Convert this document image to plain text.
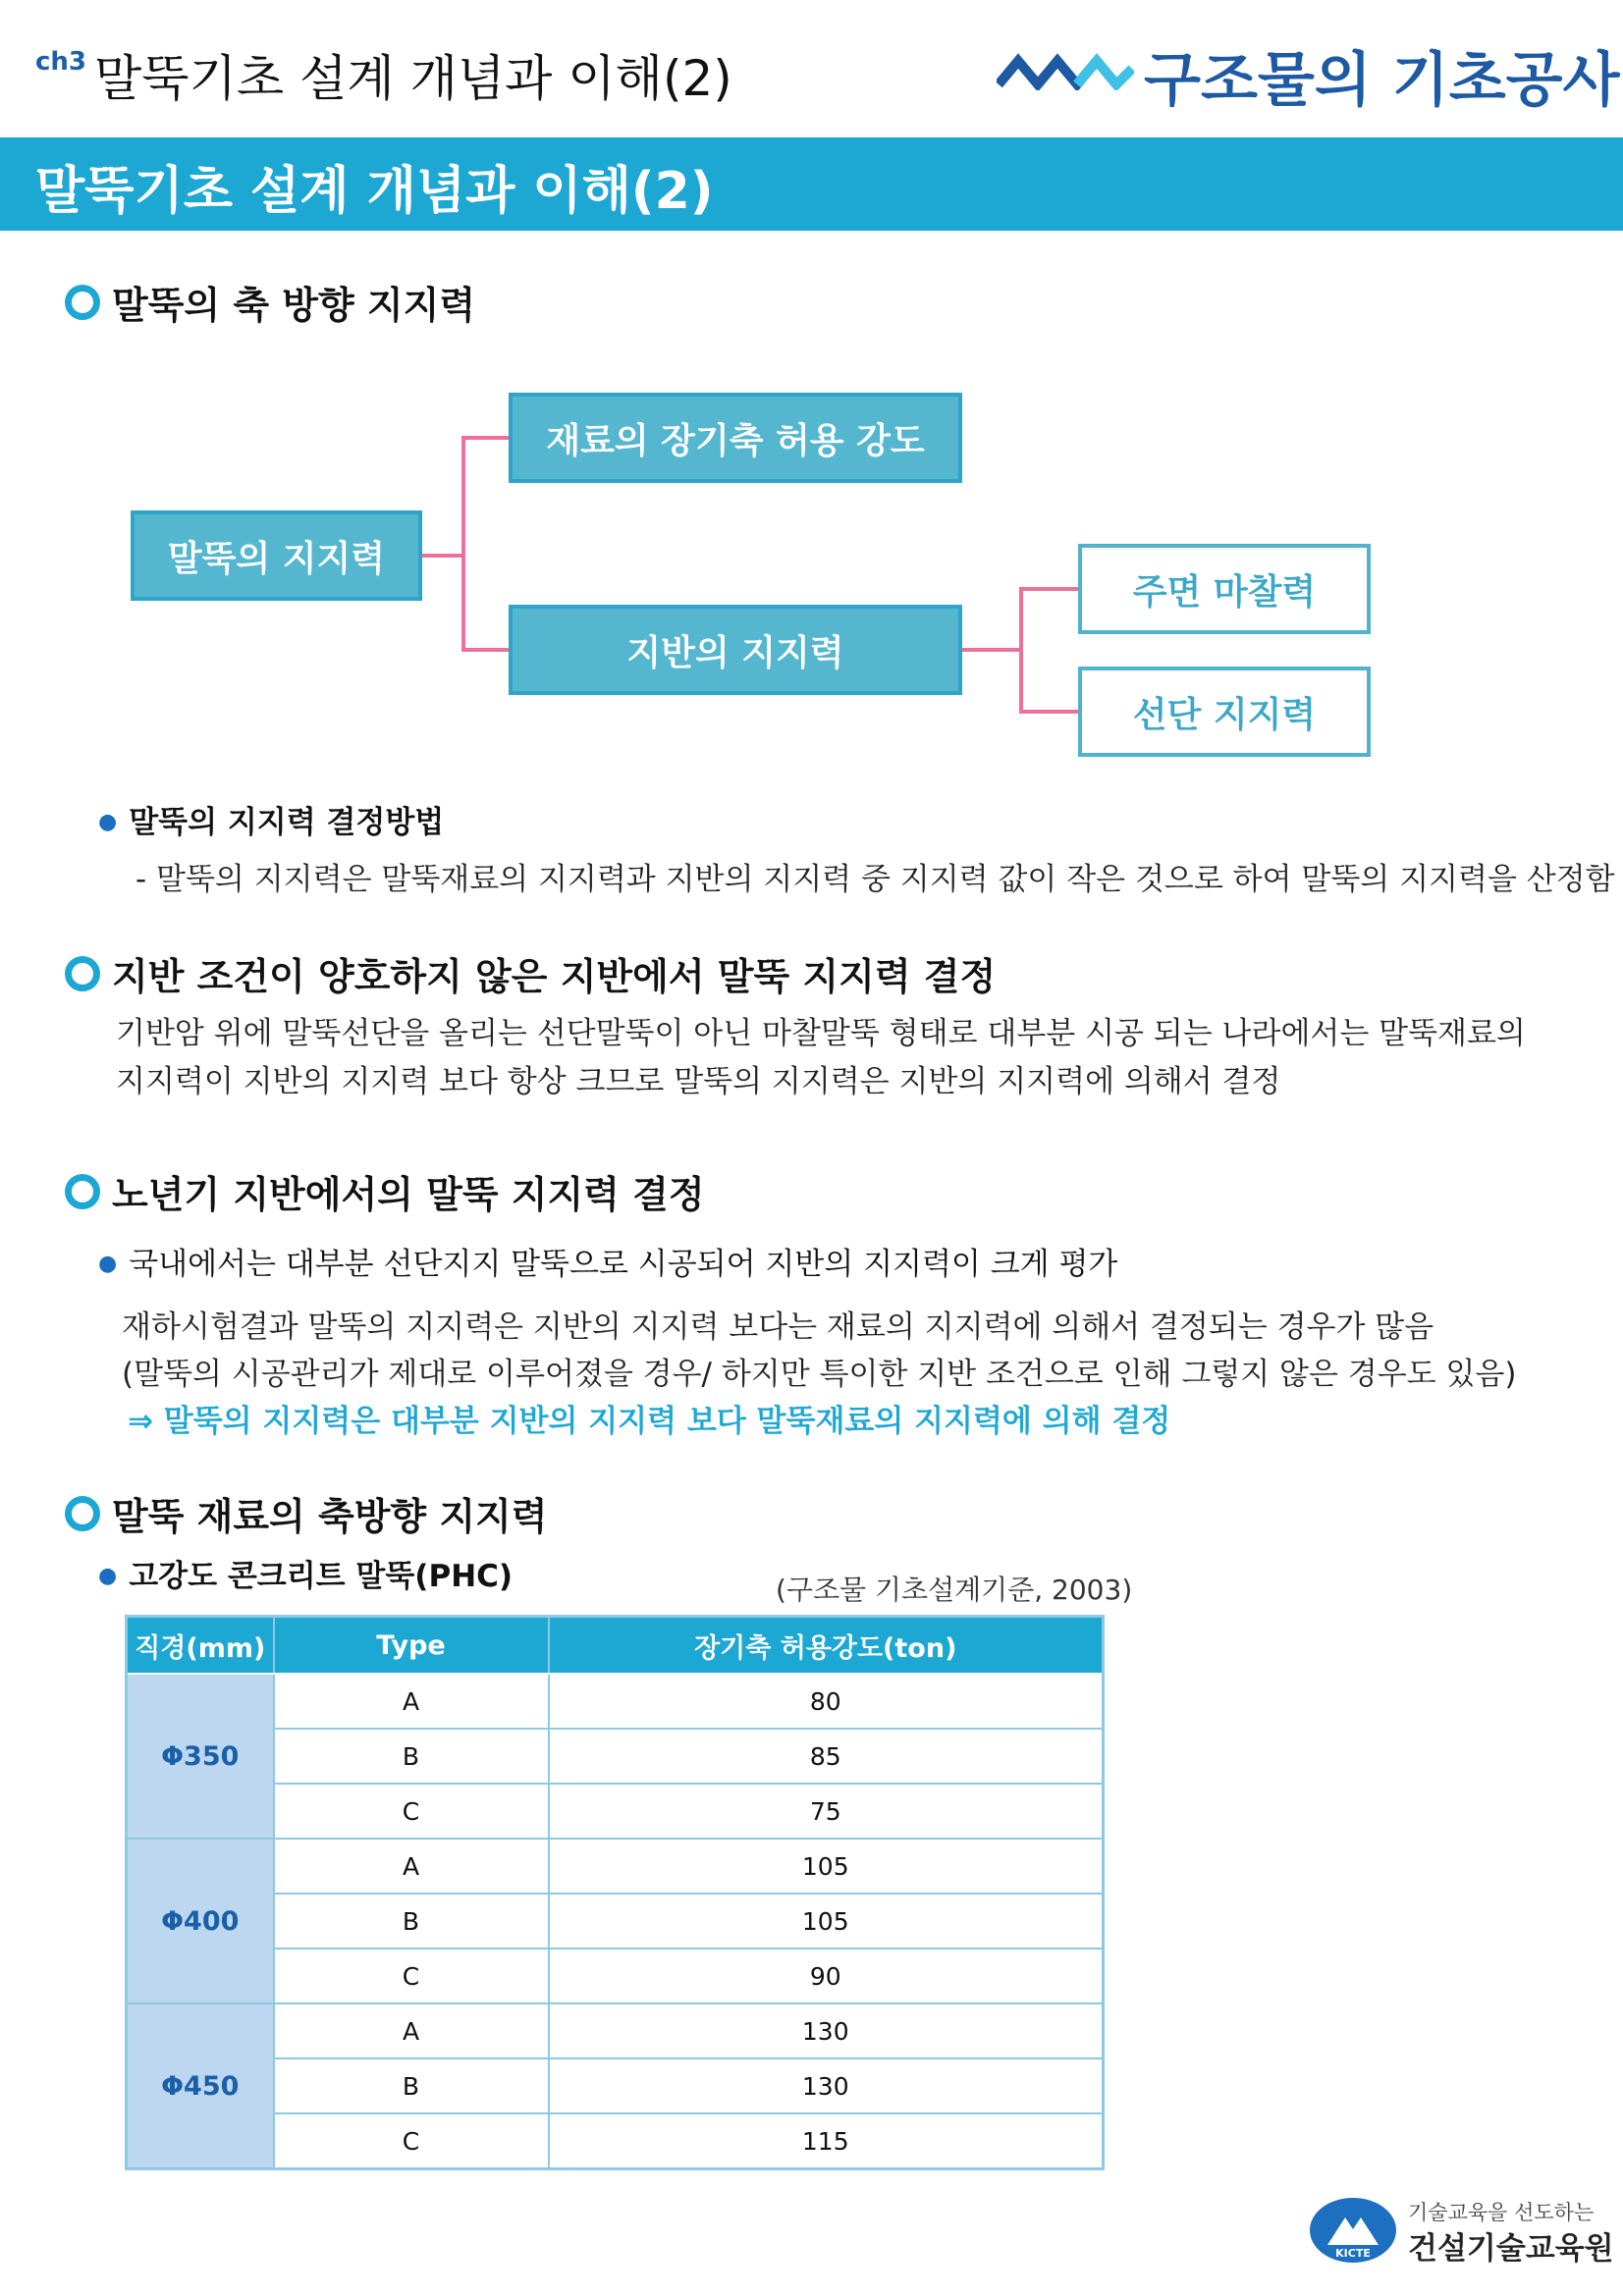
ch3 말뚝기초 설계 개념과 이해(2)	구조물의 기초공사
말뚝기초 설계 개념과 이해(2)
말뚝의 축 방향 지지력
말뚝의 지지력
재료의 장기축 허용 강도
지반의 지지력
주면 마찰력
선단 지지력
● 말뚝의 지지력 결정방법
- 말뚝의 지지력은 말뚝재료의 지지력과 지반의 지지력 중 지지력 값이 작은 것으로 하여 말뚝의 지지력을 산정함
지반 조건이 양호하지 않은 지반에서 말뚝 지지력 결정
기반암 위에 말뚝선단을 올리는 선단말뚝이 아닌 마찰말뚝 형태로 대부분 시공 되는 나라에서는 말뚝재료의
지지력이 지반의 지지력 보다 항상 크므로 말뚝의 지지력은 지반의 지지력에 의해서 결정
노년기 지반에서의 말뚝 지지력 결정
● 국내에서는 대부분 선단지지 말뚝으로 시공되어 지반의 지지력이 크게 평가
재하시험결과 말뚝의 지지력은 지반의 지지력 보다는 재료의 지지력에 의해서 결정되는 경우가 많음
(말뚝의 시공관리가 제대로 이루어졌을 경우/ 하지만 특이한 지반 조건으로 인해 그렇지 않은 경우도 있음)
⇒ 말뚝의 지지력은 대부분 지반의 지지력 보다 말뚝재료의 지지력에 의해 결정
말뚝 재료의 축방향 지지력
● 고강도 콘크리트 말뚝(PHC)	(구조물 기초설계기준, 2003)
직경(mm)	Type	장기축 허용강도(ton)
Φ350	A	80
	B	85
	C	75
Φ400	A	105
	B	105
	C	90
Φ450	A	130
	B	130
	C	115
KICTE
기술교육을 선도하는
건설기술교육원
